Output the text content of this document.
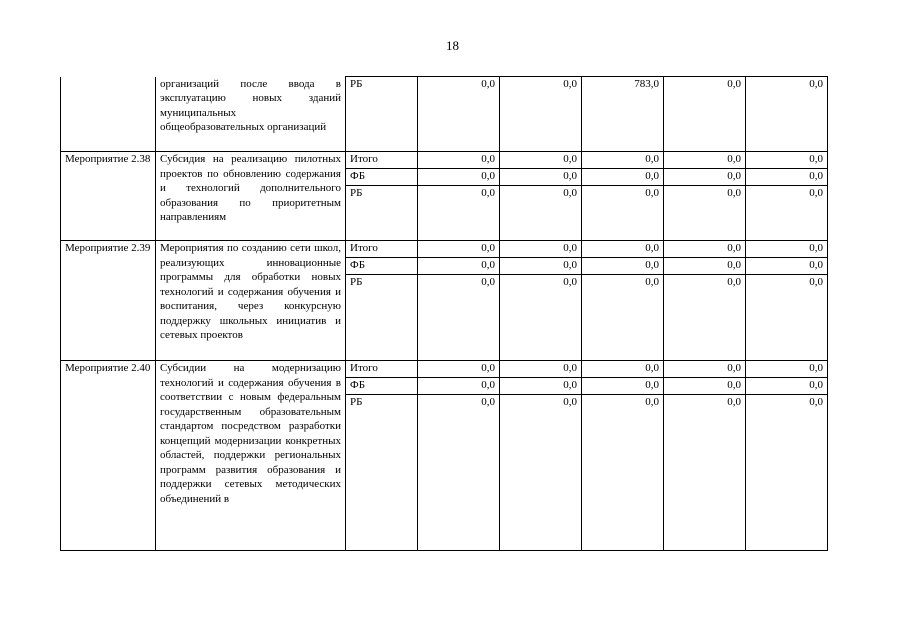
18
	организаций после ввода в эксплуатацию новых зданий муниципальных общеобразовательных организаций	РБ	0,0	0,0	783,0	0,0	0,0
Мероприятие 2.38	Субсидия на реализацию пилотных проектов по обновлению содержания и технологий дополнительного образования по приоритетным направлениям	Итого	0,0	0,0	0,0	0,0	0,0
		ФБ	0,0	0,0	0,0	0,0	0,0
		РБ	0,0	0,0	0,0	0,0	0,0
Мероприятие 2.39	Мероприятия по созданию сети школ, реализующих инновационные программы для обработки новых технологий и содержания обучения и воспитания, через конкурсную поддержку школьных инициатив и сетевых проектов	Итого	0,0	0,0	0,0	0,0	0,0
		ФБ	0,0	0,0	0,0	0,0	0,0
		РБ	0,0	0,0	0,0	0,0	0,0
Мероприятие 2.40	Субсидии на модернизацию технологий и содержания обучения в соответствии с новым федеральным государственным образовательным стандартом посредством разработки концепций модернизации конкретных областей, поддержки региональных программ развития образования и поддержки сетевых методических объединений в	Итого	0,0	0,0	0,0	0,0	0,0
		ФБ	0,0	0,0	0,0	0,0	0,0
		РБ	0,0	0,0	0,0	0,0	0,0
